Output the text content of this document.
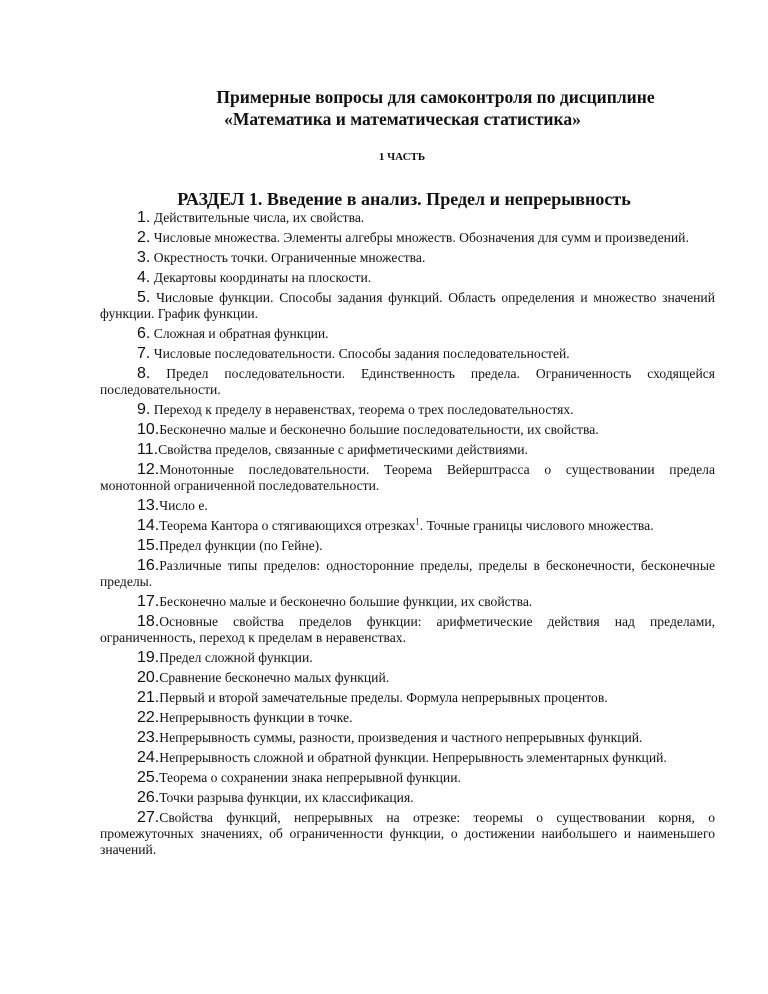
Примерные вопросы для самоконтроля по дисциплине
«Математика и математическая статистика»
1 ЧАСТЬ
РАЗДЕЛ 1. Введение в анализ. Предел и непрерывность
1. Действительные числа, их свойства.
2. Числовые множества. Элементы алгебры множеств. Обозначения для сумм и произведений.
3. Окрестность точки. Ограниченные множества.
4. Декартовы координаты на плоскости.
5. Числовые функции. Способы задания функций. Область определения и множество значений функции. График функции.
6. Сложная и обратная функции.
7. Числовые последовательности. Способы задания последовательностей.
8. Предел последовательности. Единственность предела. Ограниченность сходящейся последовательности.
9. Переход к пределу в неравенствах, теорема о трех последовательностях.
10.Бесконечно малые и бесконечно большие последовательности, их свойства.
11.Свойства пределов, связанные с арифметическими действиями.
12.Монотонные последовательности. Теорема Вейерштрасса о существовании предела монотонной ограниченной последовательности.
13.Число e.
14.Теорема Кантора о стягивающихся отрезках$^1$. Точные границы числового множества.
15.Предел функции (по Гейне).
16.Различные типы пределов: односторонние пределы, пределы в бесконечности, бесконечные пределы.
17.Бесконечно малые и бесконечно большие функции, их свойства.
18.Основные свойства пределов функции: арифметические действия над пределами, ограниченность, переход к пределам в неравенствах.
19.Предел сложной функции.
20.Сравнение бесконечно малых функций.
21.Первый и второй замечательные пределы. Формула непрерывных процентов.
22.Непрерывность функции в точке.
23.Непрерывность суммы, разности, произведения и частного непрерывных функций.
24.Непрерывность сложной и обратной функции. Непрерывность элементарных функций.
25.Теорема о сохранении знака непрерывной функции.
26.Точки разрыва функции, их классификация.
27.Свойства функций, непрерывных на отрезке: теоремы о существовании корня, о промежуточных значениях, об ограниченности функции, о достижении наибольшего и наименьшего значений.
